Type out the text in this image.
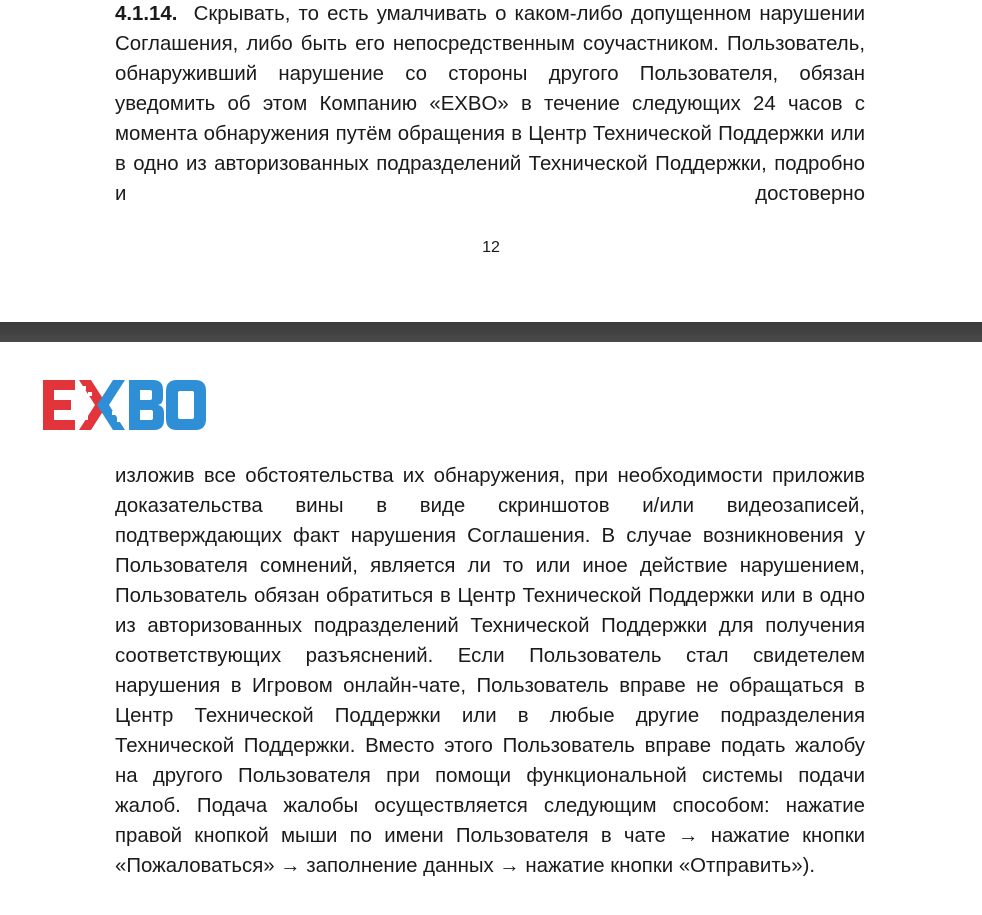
4.1.14. Скрывать, то есть умалчивать о каком-либо допущенном нарушении Соглашения, либо быть его непосредственным соучастником. Пользователь, обнаруживший нарушение со стороны другого Пользователя, обязан уведомить об этом Компанию «EXBO» в течение следующих 24 часов с момента обнаружения путём обращения в Центр Технической Поддержки или в одно из авторизованных подразделений Технической Поддержки, подробно и достоверно
12
изложив все обстоятельства их обнаружения, при необходимости приложив доказательства вины в виде скриншотов и/или видеозаписей, подтверждающих факт нарушения Соглашения. В случае возникновения у Пользователя сомнений, является ли то или иное действие нарушением, Пользователь обязан обратиться в Центр Технической Поддержки или в одно из авторизованных подразделений Технической Поддержки для получения соответствующих разъяснений. Если Пользователь стал свидетелем нарушения в Игровом онлайн-чате, Пользователь вправе не обращаться в Центр Технической Поддержки или в любые другие подразделения Технической Поддержки. Вместо этого Пользователь вправе подать жалобу на другого Пользователя при помощи функциональной системы подачи жалоб. Подача жалобы осуществляется следующим способом: нажатие правой кнопкой мыши по имени Пользователя в чате → нажатие кнопки «Пожаловаться» → заполнение данных → нажатие кнопки «Отправить»).
